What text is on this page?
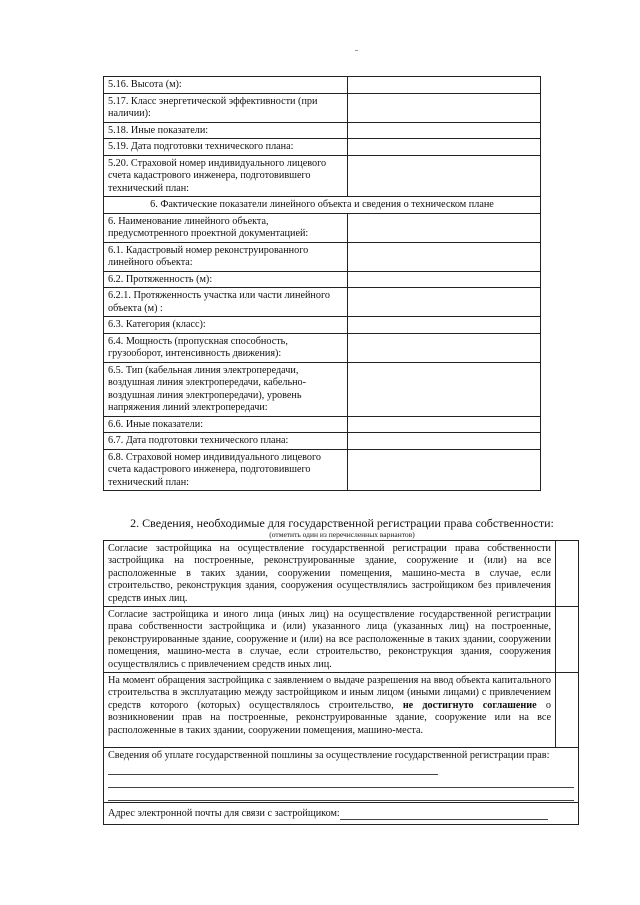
5.16. Высота (м):	
5.17. Класс энергетической эффективности (при наличии):	
5.18. Иные показатели:	
5.19. Дата подготовки технического плана:	
5.20. Страховой номер индивидуального лицевого счета кадастрового инженера, подготовившего технический план:	
6. Фактические показатели линейного объекта и сведения о техническом плане	
6. Наименование линейного объекта, предусмотренного проектной документацией:	
6.1. Кадастровый номер реконструированного линейного объекта:	
6.2. Протяженность (м):	
6.2.1. Протяженность участка или части линейного объекта (м) :	
6.3. Категория (класс):	
6.4. Мощность (пропускная способность, грузооборот, интенсивность движения):	
6.5. Тип (кабельная линия электропередачи, воздушная линия электропередачи, кабельно-воздушная линия электропередачи), уровень напряжения линий электропередачи:	
6.6. Иные показатели:	
6.7. Дата подготовки технического плана:	
6.8. Страховой номер индивидуального лицевого счета кадастрового инженера, подготовившего технический план:	
2. Сведения, необходимые для государственной регистрации права собственности:
(отметить один из перечисленных вариантов)
Согласие застройщика на осуществление государственной регистрации права собственности застройщика на построенные, реконструированные здание, сооружение и (или) на все расположенные в таких здании, сооружении помещения, машино-места в случае, если строительство, реконструкция здания, сооружения осуществлялись застройщиком без привлечения средств иных лиц.	
Согласие застройщика и иного лица (иных лиц) на осуществление государственной регистрации права собственности застройщика и (или) указанного лица (указанных лиц) на построенные, реконструированные здание, сооружение и (или) на все расположенные в таких здании, сооружении помещения, машино-места в случае, если строительство, реконструкция здания, сооружения осуществлялись с привлечением средств иных лиц.	
На момент обращения застройщика с заявлением о выдаче разрешения на ввод объекта капитального строительства в эксплуатацию между застройщиком и иным лицом (иными лицами) с привлечением средств которого (которых) осуществлялось строительство, не достигнуто соглашение о возникновении прав на построенные, реконструированные здание, сооружение или на все расположенные в таких здании, сооружении помещения, машино-места.	
Сведения об уплате государственной пошлины за осуществление государственной регистрации прав:	

Адрес электронной почты для связи с застройщиком:	
